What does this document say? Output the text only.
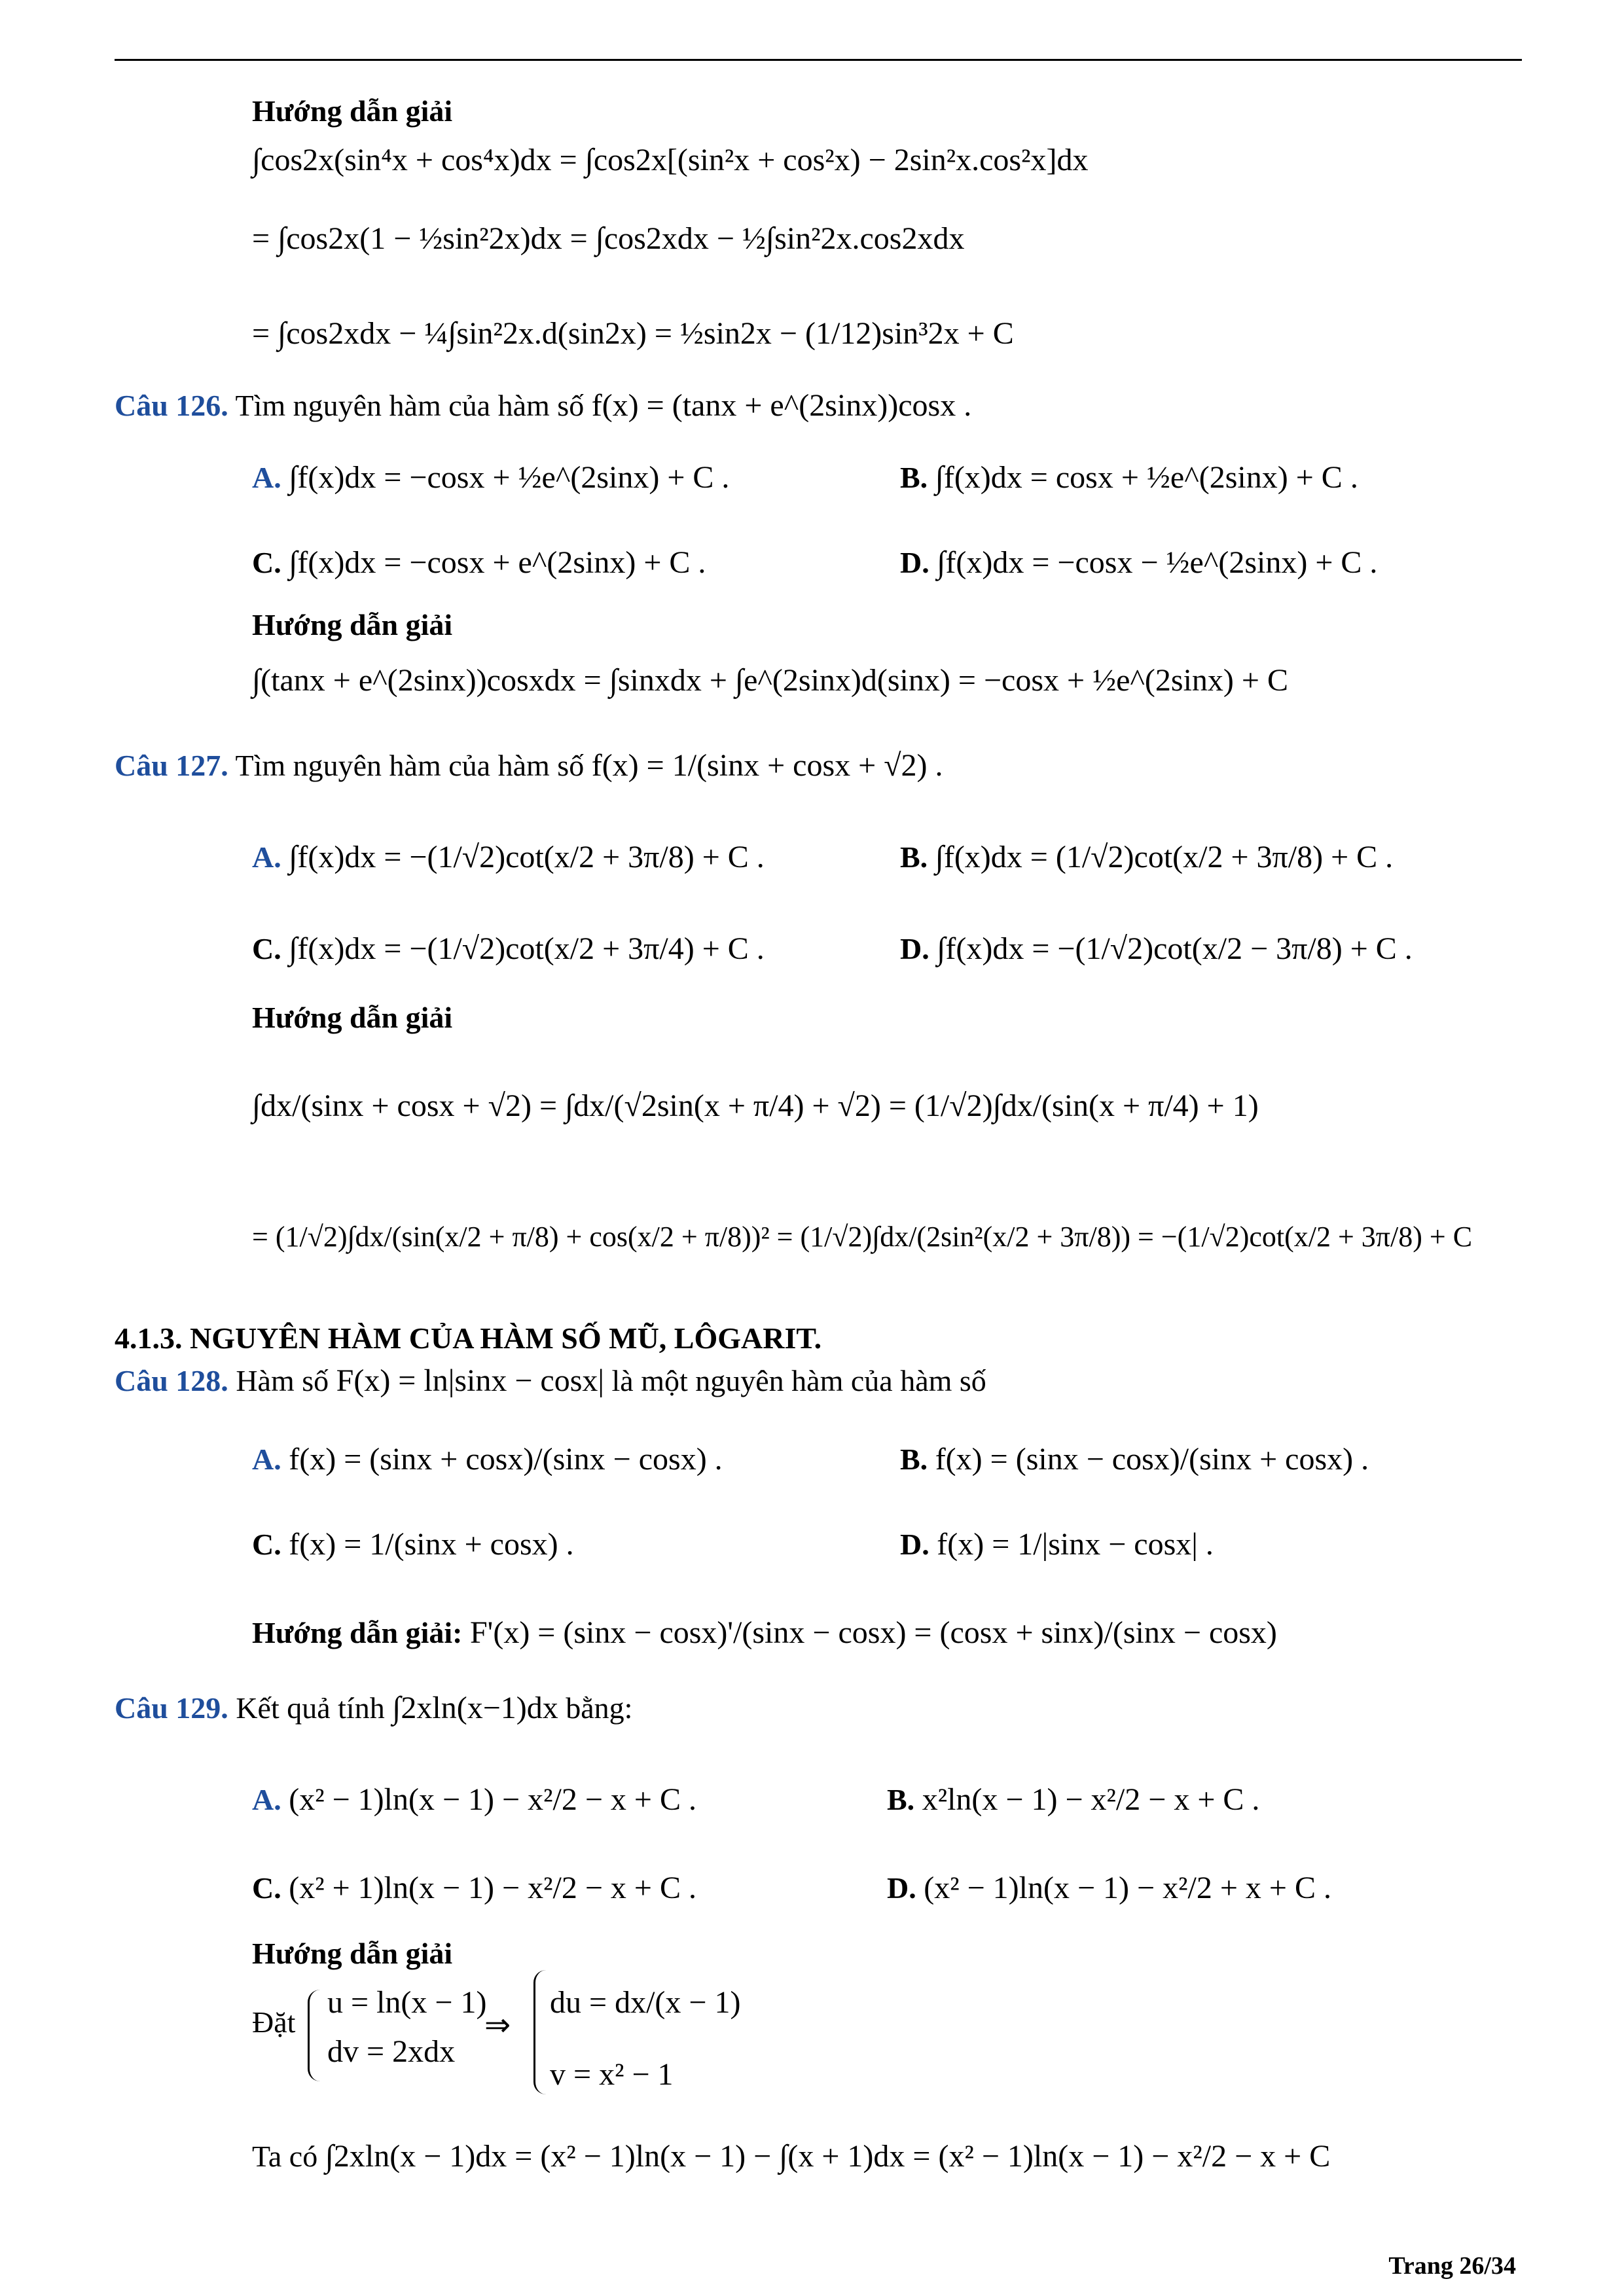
Hướng dẫn giải
∫cos2x(sin⁴x + cos⁴x)dx = ∫cos2x[(sin²x + cos²x) − 2sin²x.cos²x]dx
= ∫cos2x(1 − ½sin²2x)dx = ∫cos2xdx − ½∫sin²2x.cos2xdx
= ∫cos2xdx − ¼∫sin²2x.d(sin2x) = ½sin2x − (1/12)sin³2x + C
Câu 126. Tìm nguyên hàm của hàm số f(x) = (tanx + e^(2sinx))cosx .
A. ∫f(x)dx = −cosx + ½e^(2sinx) + C .	B. ∫f(x)dx = cosx + ½e^(2sinx) + C .
C. ∫f(x)dx = −cosx + e^(2sinx) + C .	D. ∫f(x)dx = −cosx − ½e^(2sinx) + C .
Hướng dẫn giải
∫(tanx + e^(2sinx))cosxdx = ∫sinxdx + ∫e^(2sinx)d(sinx) = −cosx + ½e^(2sinx) + C
Câu 127. Tìm nguyên hàm của hàm số f(x) = 1/(sinx + cosx + √2) .
A. ∫f(x)dx = −(1/√2)cot(x/2 + 3π/8) + C .	B. ∫f(x)dx = (1/√2)cot(x/2 + 3π/8) + C .
C. ∫f(x)dx = −(1/√2)cot(x/2 + 3π/4) + C .	D. ∫f(x)dx = −(1/√2)cot(x/2 − 3π/8) + C .
Hướng dẫn giải
∫dx/(sinx + cosx + √2) = ∫dx/(√2sin(x + π/4) + √2) = (1/√2)∫dx/(sin(x + π/4) + 1)
= (1/√2)∫dx/(sin(x/2 + π/8) + cos(x/2 + π/8))² = (1/√2)∫dx/(2sin²(x/2 + 3π/8)) = −(1/√2)cot(x/2 + 3π/8) + C
4.1.3. NGUYÊN HÀM CỦA HÀM SỐ MŨ, LÔGARIT.
Câu 128. Hàm số F(x) = ln|sinx − cosx| là một nguyên hàm của hàm số
A. f(x) = (sinx + cosx)/(sinx − cosx) .	B. f(x) = (sinx − cosx)/(sinx + cosx) .
C. f(x) = 1/(sinx + cosx) .	D. f(x) = 1/|sinx − cosx| .
Hướng dẫn giải: F'(x) = (sinx − cosx)'/(sinx − cosx) = (cosx + sinx)/(sinx − cosx)
Câu 129. Kết quả tính ∫2xln(x−1)dx bằng:
A. (x² − 1)ln(x − 1) − x²/2 − x + C .	B. x²ln(x − 1) − x²/2 − x + C .
C. (x² + 1)ln(x − 1) − x²/2 − x + C .	D. (x² − 1)ln(x − 1) − x²/2 + x + C .
Hướng dẫn giải
Đặt
u = ln(x − 1)
dv = 2xdx
⇒
du = dx/(x − 1)
v = x² − 1
Ta có ∫2xln(x − 1)dx = (x² − 1)ln(x − 1) − ∫(x + 1)dx = (x² − 1)ln(x − 1) − x²/2 − x + C
Trang 26/34
